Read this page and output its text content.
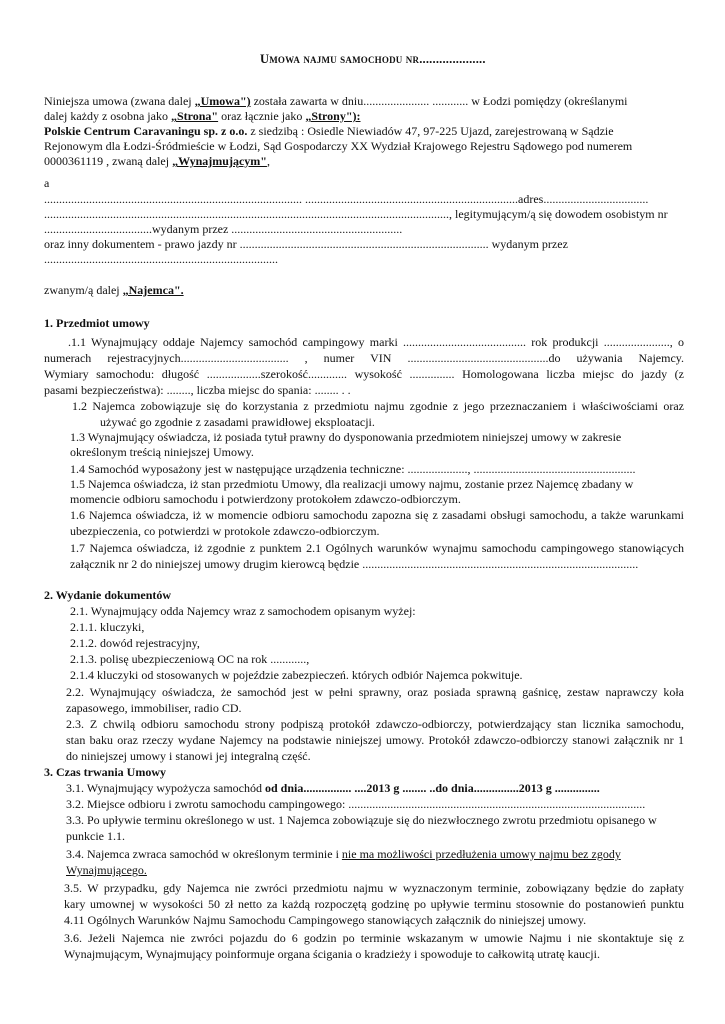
Umowa najmu samochodu nr....................
Niniejsza umowa (zwana dalej „Umowa") została zawarta w dniu...................... ............ w Łodzi pomiędzy (określanymi
dalej każdy z osobna jako „Strona" oraz łącznie jako „Strony"):
Polskie Centrum Caravaningu sp. z o.o. z siedzibą : Osiedle Niewiadów 47, 97-225 Ujazd, zarejestrowaną w Sądzie
Rejonowym dla Łodzi-Śródmieście w Łodzi, Sąd Gospodarczy XX Wydział Krajowego Rejestru Sądowego pod numerem
0000361119 , zwaną dalej „Wynajmującym",
a
...................................................................................... .......................................................................adres...................................
......................................................................................................................................., legitymującym/ą się dowodem osobistym nr
....................................wydanym przez .........................................................
oraz inny dokumentem - prawo jazdy nr ................................................................................... wydanym przez
..............................................................................
zwanym/ą dalej „Najemca".
1. Przedmiot umowy
.1.1 Wynajmujący oddaje Najemcy samochód campingowy marki ......................................... rok produkcji ......................, o
numerach rejestracyjnych.................................... , numer VIN ...............................................do używania Najemcy.
Wymiary samochodu: długość ..................szerokość............. wysokość ............... Homologowana liczba miejsc do jazdy (z
pasami bezpieczeństwa): ........, liczba miejsc do spania: ........ . .
1.2 Najemca zobowiązuje się do korzystania z przedmiotu najmu zgodnie z jego przeznaczaniem i właściwościami oraz
używać go zgodnie z zasadami prawidłowej eksploatacji.
1.3 Wynajmujący oświadcza, iż posiada tytuł prawny do dysponowania przedmiotem niniejszej umowy w zakresie
określonym treścią niniejszej Umowy.
1.4 Samochód wyposażony jest w następujące urządzenia techniczne: ...................., ......................................................
1.5 Najemca oświadcza, iż stan przedmiotu Umowy, dla realizacji umowy najmu, zostanie przez Najemcę zbadany w
momencie odbioru samochodu i potwierdzony protokołem zdawczo-odbiorczym.
1.6 Najemca oświadcza, iż w momencie odbioru samochodu zapozna się z zasadami obsługi samochodu, a także warunkami
ubezpieczenia, co potwierdzi w protokole zdawczo-odbiorczym.
1.7 Najemca oświadcza, iż zgodnie z punktem 2.1 Ogólnych warunków wynajmu samochodu campingowego stanowiących
załącznik nr 2 do niniejszej umowy drugim kierowcą będzie ............................................................................................
2. Wydanie dokumentów
2.1. Wynajmujący odda Najemcy wraz z samochodem opisanym wyżej:
2.1.1. kluczyki,
2.1.2. dowód rejestracyjny,
2.1.3. polisę ubezpieczeniową OC na rok ............,
2.1.4 kluczyki od stosowanych w pojeździe zabezpieczeń. których odbiór Najemca pokwituje.
2.2. Wynajmujący oświadcza, że samochód jest w pełni sprawny, oraz posiada sprawną gaśnicę, zestaw naprawczy koła
zapasowego, immobiliser, radio CD.
2.3. Z chwilą odbioru samochodu strony podpiszą protokół zdawczo-odbiorczy, potwierdzający stan licznika samochodu,
stan baku oraz rzeczy wydane Najemcy na podstawie niniejszej umowy. Protokół zdawczo-odbiorczy stanowi załącznik nr 1
do niniejszej umowy i stanowi jej integralną część.
3. Czas trwania Umowy
3.1. Wynajmujący wypożycza samochód od dnia................ ....2013 g ........ ..do dnia...............2013 g ...............
3.2. Miejsce odbioru i zwrotu samochodu campingowego: ...................................................................................................
3.3. Po upływie terminu określonego w ust. 1 Najemca zobowiązuje się do niezwłocznego zwrotu przedmiotu opisanego w
punkcie 1.1.
3.4. Najemca zwraca samochód w określonym terminie i nie ma możliwości przedłużenia umowy najmu bez zgody
Wynajmującego.
3.5. W przypadku, gdy Najemca nie zwróci przedmiotu najmu w wyznaczonym terminie, zobowiązany będzie do zapłaty
kary umownej w wysokości 50 zł netto za każdą rozpoczętą godzinę po upływie terminu stosownie do postanowień punktu
4.11 Ogólnych Warunków Najmu Samochodu Campingowego stanowiących załącznik do niniejszej umowy.
3.6. Jeżeli Najemca nie zwróci pojazdu do 6 godzin po terminie wskazanym w umowie Najmu i nie skontaktuje się z
Wynajmującym, Wynajmujący poinformuje organa ścigania o kradzieży i spowoduje to całkowitą utratę kaucji.
